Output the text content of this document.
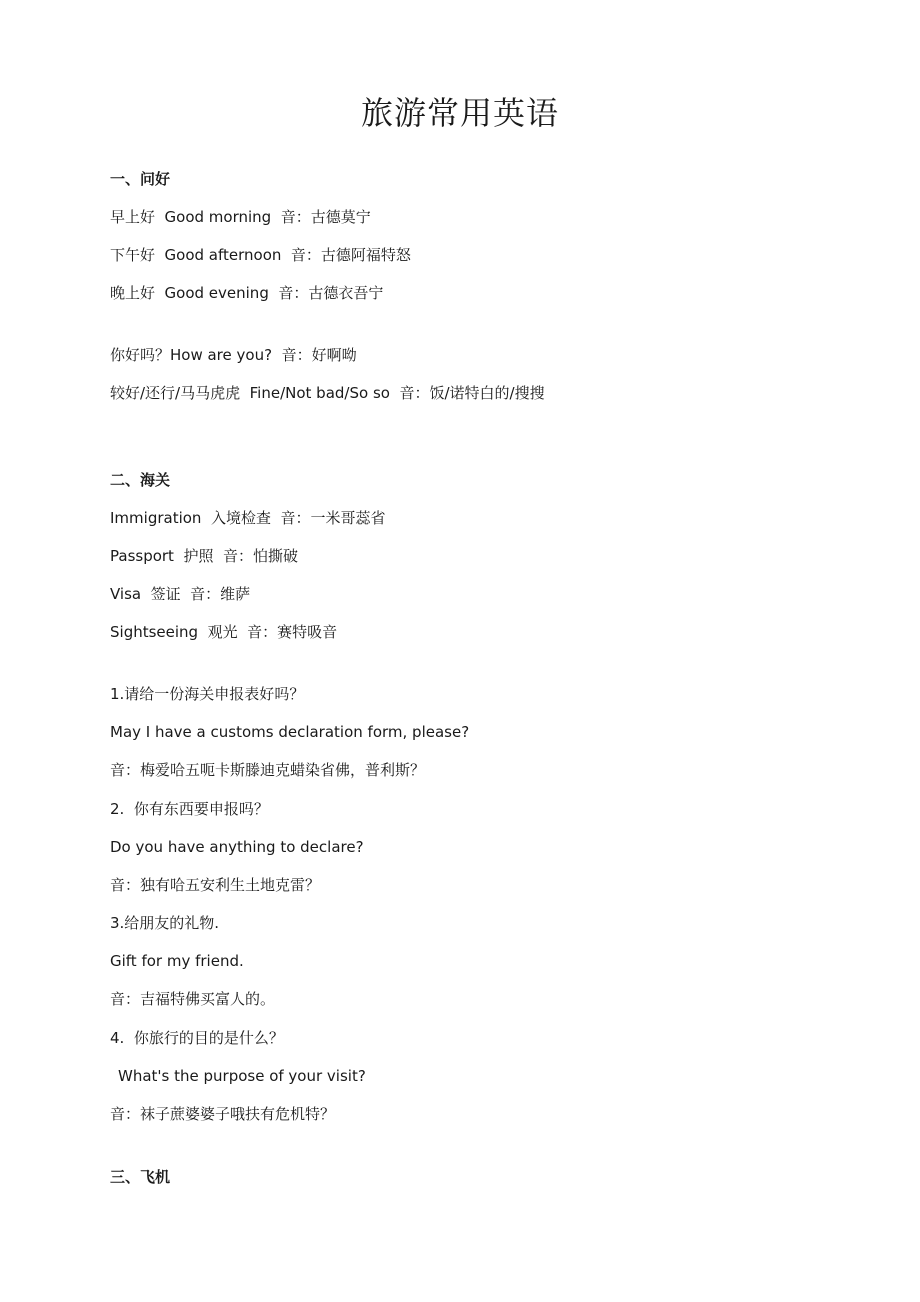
旅游常用英语

一、问好

早上好  Good morning  音：古德莫宁

下午好  Good afternoon  音：古德阿福特怒

晚上好  Good evening  音：古德衣吾宁

你好吗？How are you?  音：好啊呦

较好/还行/马马虎虎  Fine/Not bad/So so  音：饭/诺特白的/搜搜

二、海关

Immigration  入境检查  音：一米哥蕊省

Passport  护照  音：怕撕破

Visa  签证  音：维萨

Sightseeing  观光  音：赛特吸音

1.请给一份海关申报表好吗？

May I have a customs declaration form, please?

音：梅爱哈五呃卡斯滕迪克蜡染省佛，普利斯？

2.  你有东西要申报吗？

Do you have anything to declare?

音：独有哈五安利生土地克雷？

3.给朋友的礼物.

Gift for my friend.

音：吉福特佛买富人的。

4.  你旅行的目的是什么？

What's the purpose of your visit?

音：袜子蔗婆婆子哦扶有危机特？

三、飞机
